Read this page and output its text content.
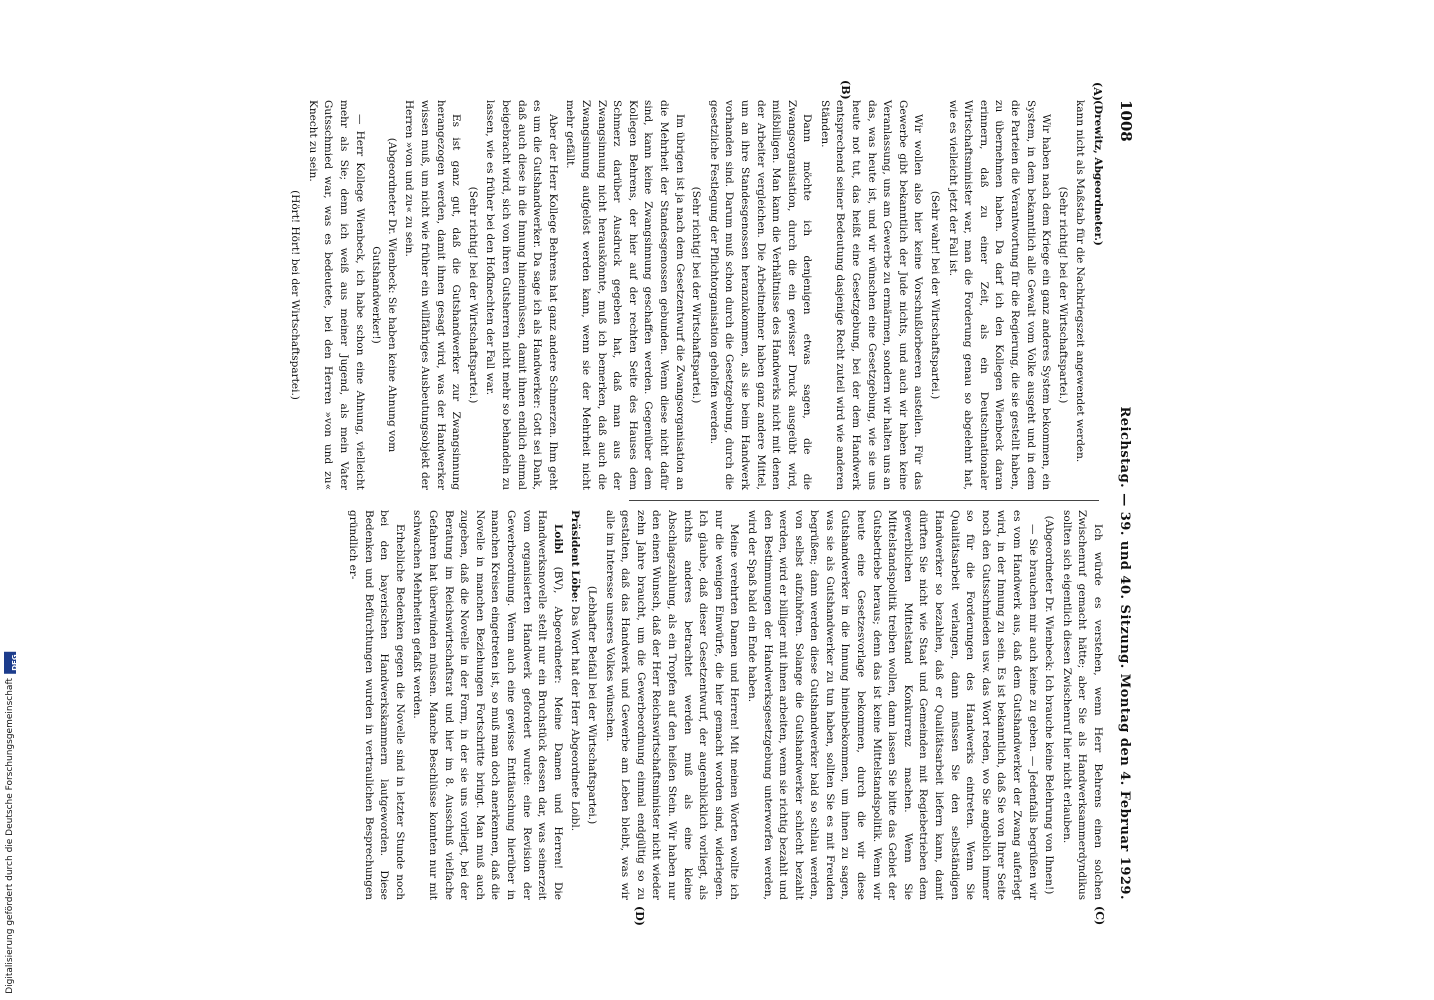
1008
Reichstag. — 39. und 40. Sitzung. Montag den 4. Februar 1929.
(A)
(B)
(C)
(D)

(Drewitz, Abgeordneter.)

kann nicht als Maßstab für die Nachkriegszeit angewendet werden.

(Sehr richtig! bei der Wirtschaftspartei.)

Wir haben nach dem Kriege ein ganz anderes System bekommen, ein System, in dem bekanntlich alle Gewalt vom Volke ausgeht und in dem die Parteien die Verantwortung für die Regierung, die sie gestellt haben, zu übernehmen haben. Da darf ich den Kollegen Wienbeck daran erinnern, daß zu einer Zeit, als ein Deutschnationaler Wirtschaftsminister war, man die Forderung genau so abgelehnt hat, wie es vielleicht jetzt der Fall ist.

(Sehr wahr! bei der Wirtschaftspartei.)

Wir wollen also hier keine Vorschußlorbeeren austeilen. Für das Gewerbe gibt bekanntlich der Jude nichts, und auch wir haben keine Veranlassung, uns am Gewerbe zu ermärmen, sondern wir halten uns an das, was heute ist, und wir wünschen eine Gesetzgebung, wie sie uns heute not tut, das heißt eine Gesetzgebung, bei der dem Handwerk entsprechend seiner Bedeutung dasjenige Recht zuteil wird wie anderen Ständen.

Dann möchte ich denjenigen etwas sagen, die die Zwangsorganisation, durch die ein gewisser Druck ausgeübt wird, mißbilligen. Man kann die Verhältnisse des Handwerks nicht mit denen der Arbeiter vergleichen. Die Arbeitnehmer haben ganz andere Mittel, um an ihre Standesgenossen heranzukommen, als sie beim Handwerk vorhanden sind. Darum muß schon durch die Gesetzgebung, durch die gesetzliche Festlegung der Pflichtorganisation geholfen werden.

(Sehr richtig! bei der Wirtschaftspartei.)

Im übrigen ist ja nach dem Gesetzentwurf die Zwangsorganisation an die Mehrheit der Standesgenossen gebunden. Wenn diese nicht dafür sind, kann keine Zwangsinnung geschaffen werden. Gegenüber dem Kollegen Behrens, der hier auf der rechten Seite des Hauses dem Schmerz darüber Ausdruck gegeben hat, daß man aus der Zwangsinnung nicht herauskönnte, muß ich bemerken, daß auch die Zwangsinnung aufgelöst werden kann, wenn sie der Mehrheit nicht mehr gefällt.

Aber der Herr Kollege Behrens hat ganz andere Schmerzen. Ihm geht es um die Gutshandwerker. Da sage ich als Handwerker: Gott sei Dank, daß auch diese in die Innung hineinmüssen, damit ihnen endlich einmal beigebracht wird, sich von ihren Gutsherren nicht mehr so behandeln zu lassen, wie es früher bei den Hofknechten der Fall war.

(Sehr richtig! bei der Wirtschaftspartei.)

Es ist ganz gut, daß die Gutshandwerker zur Zwangsinnung herangezogen werden, damit ihnen gesagt wird, was der Handwerker wissen muß, um nicht wie früher ein willfähriges Ausbeutungsobjekt der Herren »von und zu« zu sein.

(Abgeordneter Dr. Wienbeck: Sie haben keine Ahnung vom Gutshandwerker!)

— Herr Kollege Wienbeck, ich habe schon eine Ahnung, vielleicht mehr als Sie; denn ich weiß aus meiner Jugend, als mein Vater Gutsschmied war, was es bedeutete, bei den Herren »von und zu« Knecht zu sein.

(Hört! Hört! bei der Wirtschaftspartei.)

Ich würde es verstehen, wenn Herr Behrens einen solchen Zwischenruf gemacht hätte; aber Sie als Handwerksammerdyndikus sollten sich eigentlich diesen Zwischenruf hier nicht erlauben.

(Abgeordneter Dr. Wienbeck: Ich brauche keine Belehrung von Ihnen!)

— Sie brauchen mir auch keine zu geben. — Jedenfalls begrüßen wir es vom Handwerk aus, daß dem Gutshandwerker der Zwang auferlegt wird, in der Innung zu sein. Es ist bekanntlich, daß Sie von Ihrer Seite noch den Gutsschmieden usw. das Wort reden, wo Sie angeblich immer so für die Forderungen des Handwerks eintreten. Wenn Sie Qualitätsarbeit verlangen, dann müssen Sie den selbständigen Handwerker so bezahlen, daß er Qualitätsarbeit liefern kann, damit dürften Sie nicht wie Staat und Gemeinden mit Regiebetrieben dem gewerblichen Mittelstand Konkurrenz machen. Wenn Sie Mittelstandspolitik treiben wollen, dann lassen Sie bitte das Gebiet der Gutsbetriebe heraus; denn das ist keine Mittelstandspolitik. Wenn wir heute eine Gesetzesvorlage bekommen, durch die wir diese Gutshandwerker in die Innung hineinbekommen, um ihnen zu sagen, was sie als Gutshandwerker zu tun haben, sollten Sie es mit Freuden begrüßen; dann werden diese Gutshandwerker bald so schlau werden, von selbst aufzuhören. Solange die Gutshandwerker schlecht bezahlt werden, wird er billiger mit ihnen arbeiten, wenn sie richtig bezahlt und den Bestimmungen der Handwerksgesetzgebung unterworfen werden, wird der Spaß bald ein Ende haben.

Meine verehrten Damen und Herren! Mit meinen Worten wollte ich nur die wenigen Einwürfe, die hier gemacht worden sind, widerlegen. Ich glaube, daß dieser Gesetzentwurf, der augenblicklich vorliegt, als nichts anderes betrachtet werden muß als eine kleine Abschlagszahlung, als ein Tropfen auf den heißen Stein. Wir haben nur den einen Wunsch, daß der Herr Reichswirtschaftsminister nicht wieder zehn Jahre braucht, um die Gewerbeordnung einmal endgültig so zu gestalten, daß das Handwerk und Gewerbe am Leben bleibt, was wir alle im Interesse unseres Volkes wünschen.

(Lebhafter Beifall bei der Wirtschaftspartei.)

Präsident Löbe: Das Wort hat der Herr Abgeordnete Loibl.

Loibl (BV), Abgeordneter: Meine Damen und Herren! Die Handwerksnovelle stellt nur ein Bruchstück dessen dar, was seinerzeit vom organisierten Handwerk gefordert wurde: eine Revision der Gewerbeordnung. Wenn auch eine gewisse Enttäuschung hierüber in manchen Kreisen eingetreten ist, so muß man doch anerkennen, daß die Novelle in manchen Beziehungen Fortschritte bringt. Man muß auch zugeben, daß die Novelle in der Form, in der sie uns vorliegt, bei der Beratung im Reichswirtschaftsrat und hier im 8. Ausschuß vielfache Gefahren hat überwinden müssen. Manche Beschlüsse konnten nur mit schwachen Mehrheiten gefaßt werden.

Erhebliche Bedenken gegen die Novelle sind in letzter Stunde noch bei den bayerischen Handwerkskammern lautgeworden. Diese Bedenken und Befürchtungen wurden in vertraulichen Besprechungen gründlich er-

Digitalisierung gefördert durch die Deutsche Forschungsgemeinschaft
DFG
